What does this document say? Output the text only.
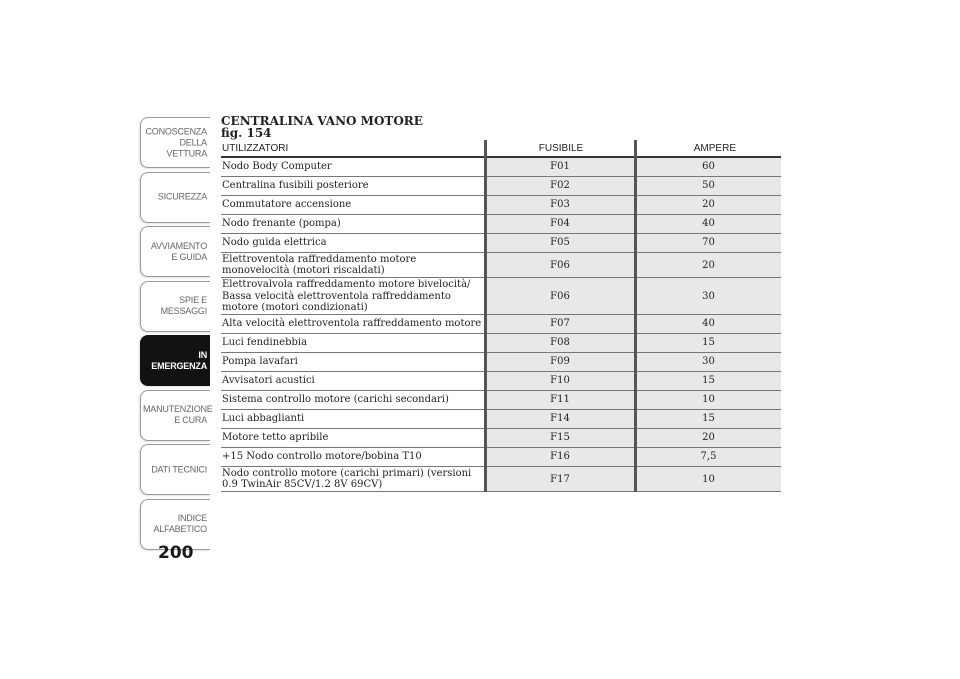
CONOSCENZA DELLA VETTURA
SICUREZZA
AVVIAMENTO E GUIDA
SPIE E MESSAGGI
IN EMERGENZA
MANUTENZIONE E CURA
DATI TECNICI
INDICE ALFABETICO
200
CENTRALINA VANO MOTORE
fig. 154
UTILIZZATORI	FUSIBILE	AMPERE
Nodo Body Computer	F01	60
Centralina fusibili posteriore	F02	50
Commutatore accensione	F03	20
Nodo frenante (pompa)	F04	40
Nodo guida elettrica	F05	70
Elettroventola raffreddamento motore monovelocità (motori riscaldati)	F06	20
Elettrovalvola raffreddamento motore bivelocità/ Bassa velocità elettroventola raffreddamento motore (motori condizionati)	F06	30
Alta velocità elettroventola raffreddamento motore	F07	40
Luci fendinebbia	F08	15
Pompa lavafari	F09	30
Avvisatori acustici	F10	15
Sistema controllo motore (carichi secondari)	F11	10
Luci abbaglianti	F14	15
Motore tetto apribile	F15	20
+15 Nodo controllo motore/bobina T10	F16	7,5
Nodo controllo motore (carichi primari) (versioni 0.9 TwinAir 85CV/1.2 8V 69CV)	F17	10
